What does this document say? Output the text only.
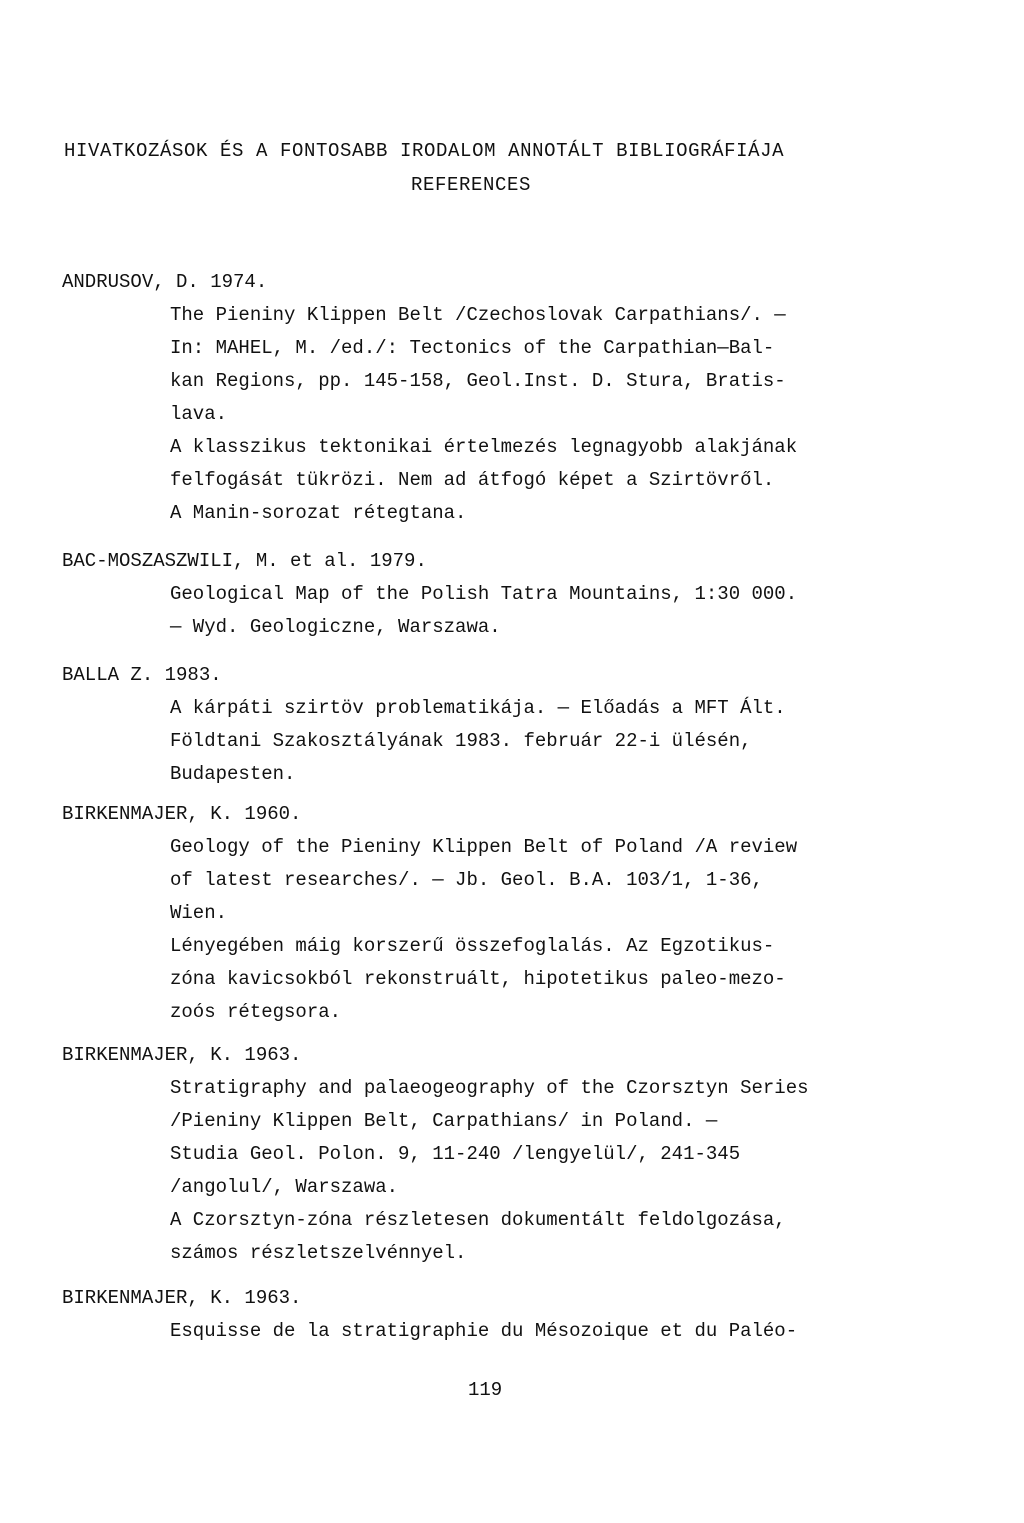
HIVATKOZÁSOK ÉS A FONTOSABB IRODALOM ANNOTÁLT BIBLIOGRÁFIÁJA
REFERENCES
ANDRUSOV, D. 1974.
The Pieniny Klippen Belt /Czechoslovak Carpathians/. —
In: MAHEL, M. /ed./: Tectonics of the Carpathian—Bal-
kan Regions, pp. 145-158, Geol.Inst. D. Stura, Bratis-
lava.
A klasszikus tektonikai értelmezés legnagyobb alakjának
felfogását tükrözi. Nem ad átfogó képet a Szirtövről.
A Manin-sorozat rétegtana.
BAC-MOSZASZWILI, M. et al. 1979.
Geological Map of the Polish Tatra Mountains, 1:30 000.
— Wyd. Geologiczne, Warszawa.
BALLA Z. 1983.
A kárpáti szirtöv problematikája. — Előadás a MFT Ált.
Földtani Szakosztályának 1983. február 22-i ülésén,
Budapesten.
BIRKENMAJER, K. 1960.
Geology of the Pieniny Klippen Belt of Poland /A review
of latest researches/. — Jb. Geol. B.A. 103/1, 1-36,
Wien.
Lényegében máig korszerű összefoglalás. Az Egzotikus-
zóna kavicsokból rekonstruált, hipotetikus paleo-mezo-
zoós rétegsora.
BIRKENMAJER, K. 1963.
Stratigraphy and palaeogeography of the Czorsztyn Series
/Pieniny Klippen Belt, Carpathians/ in Poland. —
Studia Geol. Polon. 9, 11-240 /lengyelül/, 241-345
/angolul/, Warszawa.
A Czorsztyn-zóna részletesen dokumentált feldolgozása,
számos részletszelvénnyel.
BIRKENMAJER, K. 1963.
Esquisse de la stratigraphie du Mésozoique et du Paléo-
119
